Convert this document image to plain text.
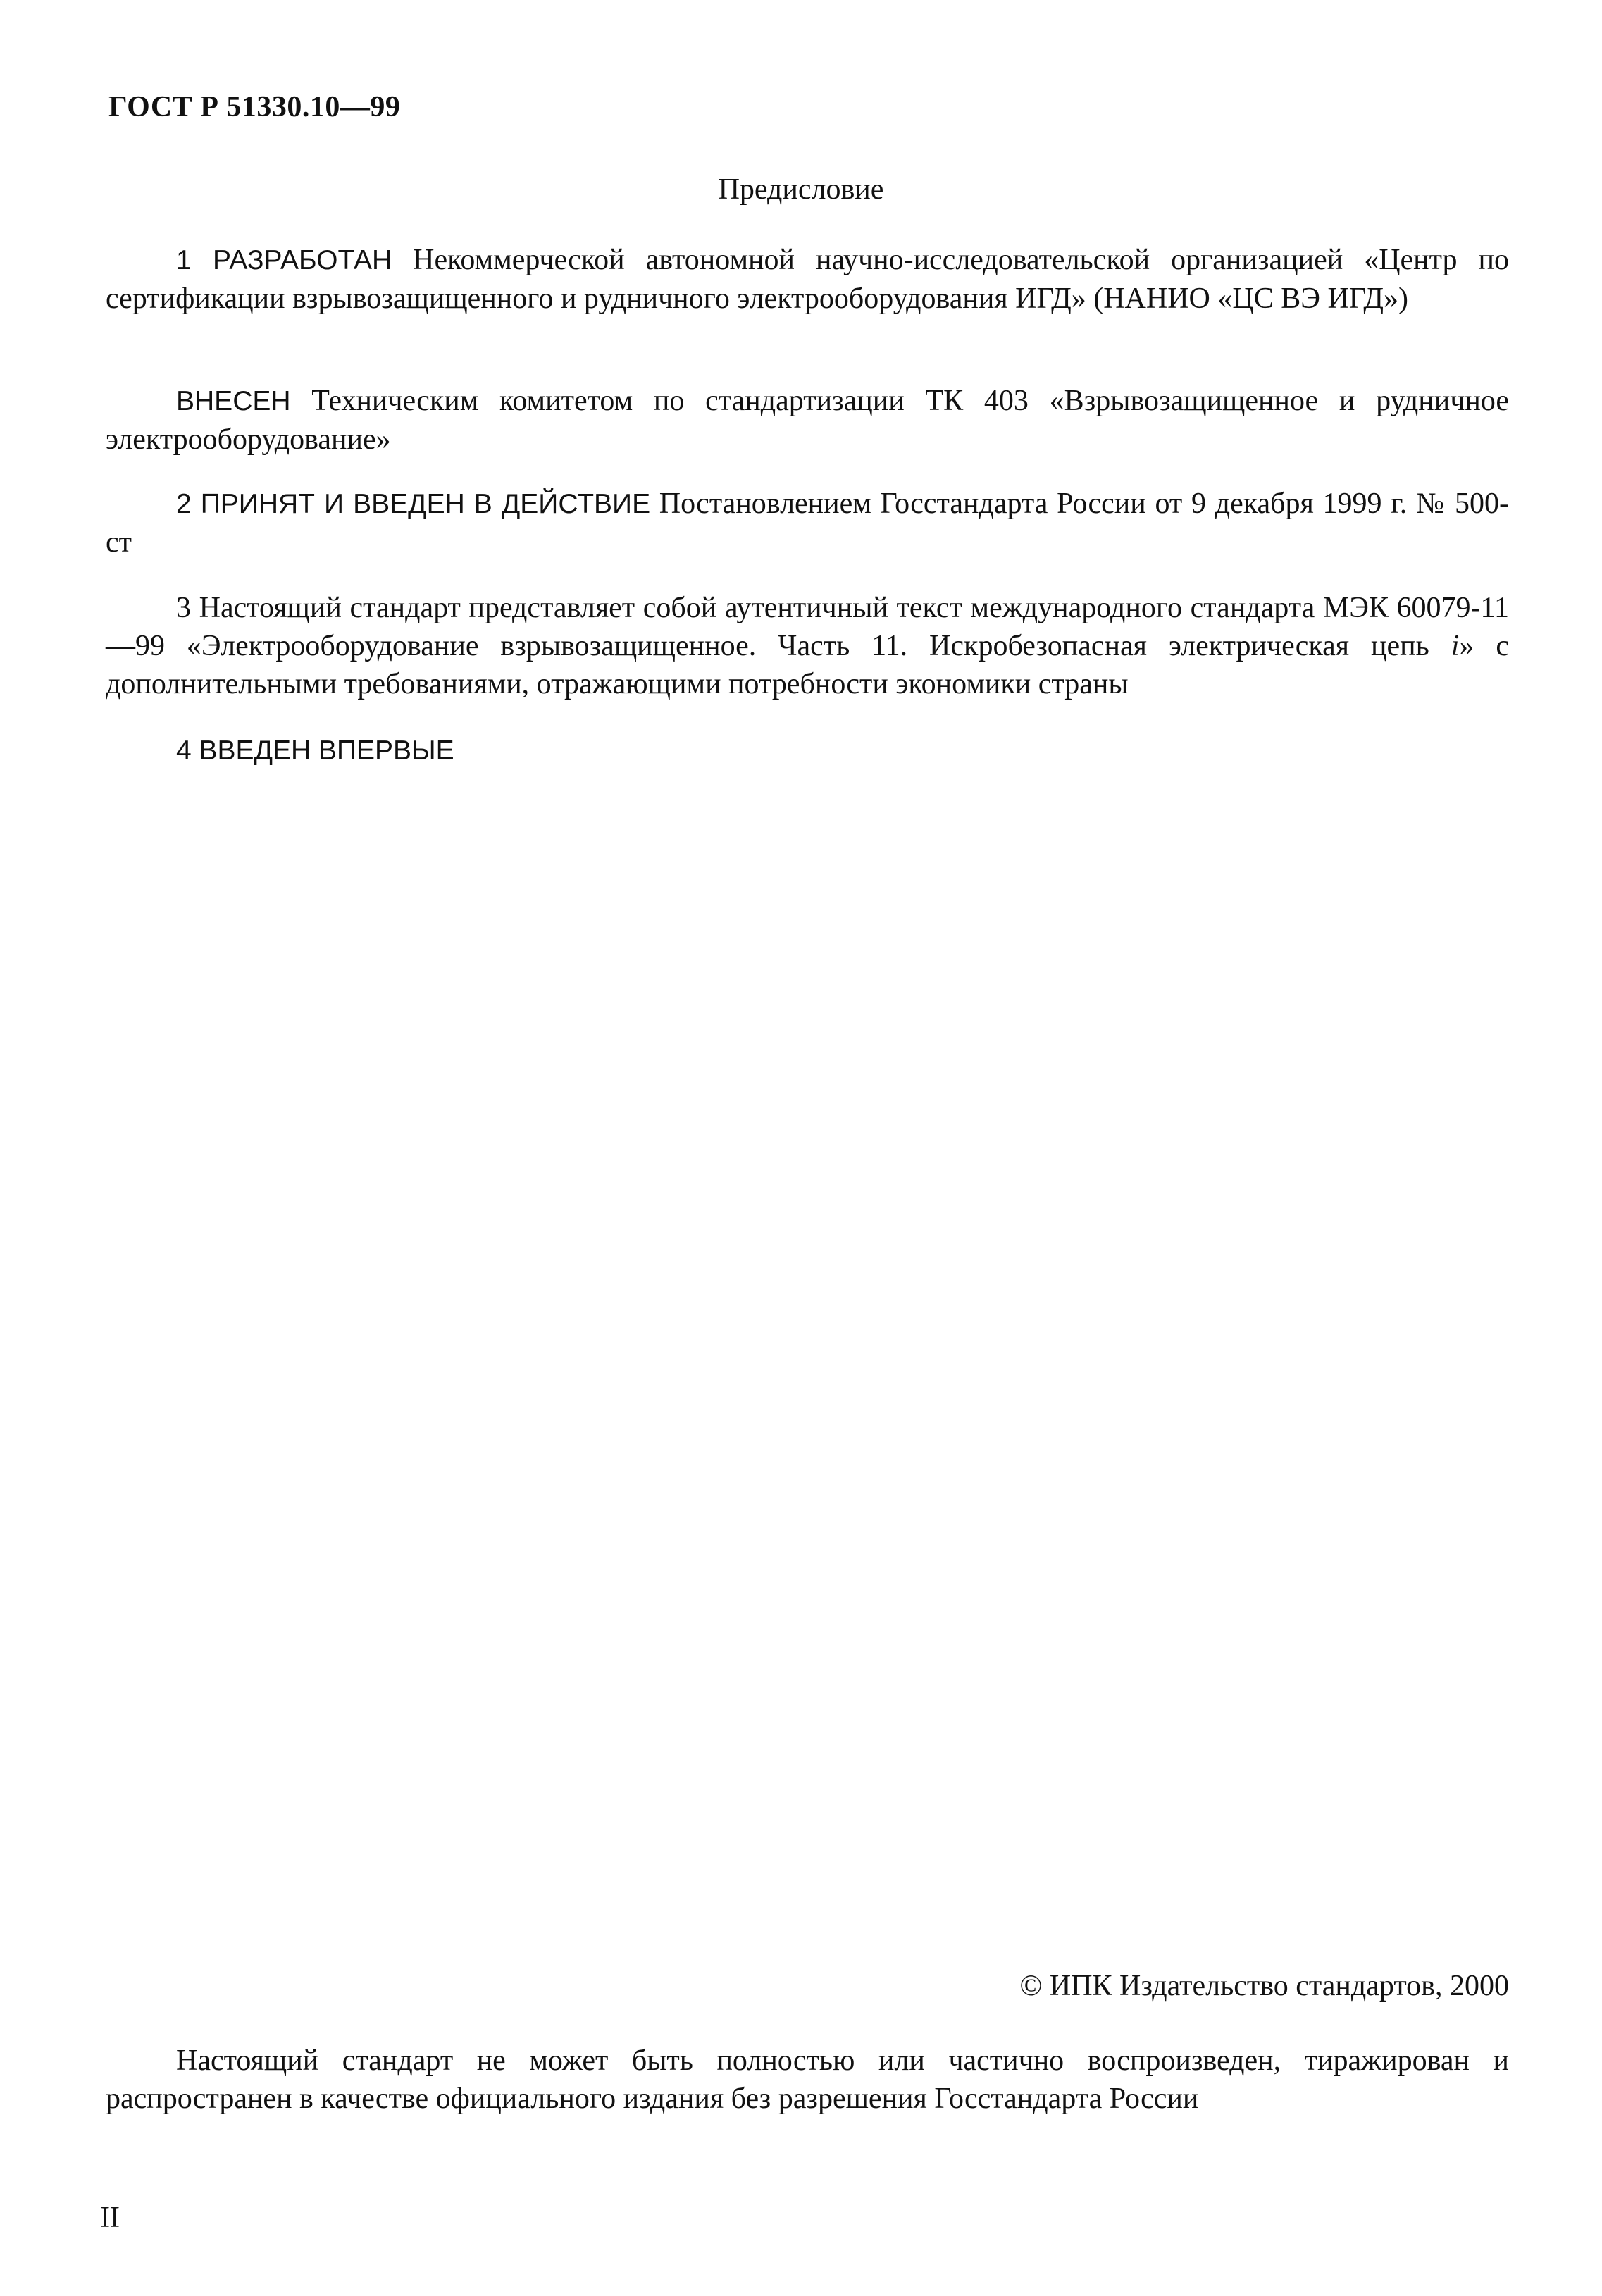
ГОСТ Р 51330.10—99
Предисловие
1 РАЗРАБОТАН Некоммерческой автономной научно-исследовательской организацией «Центр по сертификации взрывозащищенного и рудничного электрооборудования ИГД» (НАНИО «ЦС ВЭ ИГД»)
ВНЕСЕН Техническим комитетом по стандартизации ТК 403 «Взрывозащищенное и рудничное электрооборудование»
2 ПРИНЯТ И ВВЕДЕН В ДЕЙСТВИЕ Постановлением Госстандарта России от 9 декабря 1999 г. № 500-ст
3 Настоящий стандарт представляет собой аутентичный текст международного стандарта МЭК 60079-11—99 «Электрооборудование взрывозащищенное. Часть 11. Искробезопасная электрическая цепь i» с дополнительными требованиями, отражающими потребности экономики страны
4 ВВЕДЕН ВПЕРВЫЕ
© ИПК Издательство стандартов, 2000
Настоящий стандарт не может быть полностью или частично воспроизведен, тиражирован и распространен в качестве официального издания без разрешения Госстандарта России
II
